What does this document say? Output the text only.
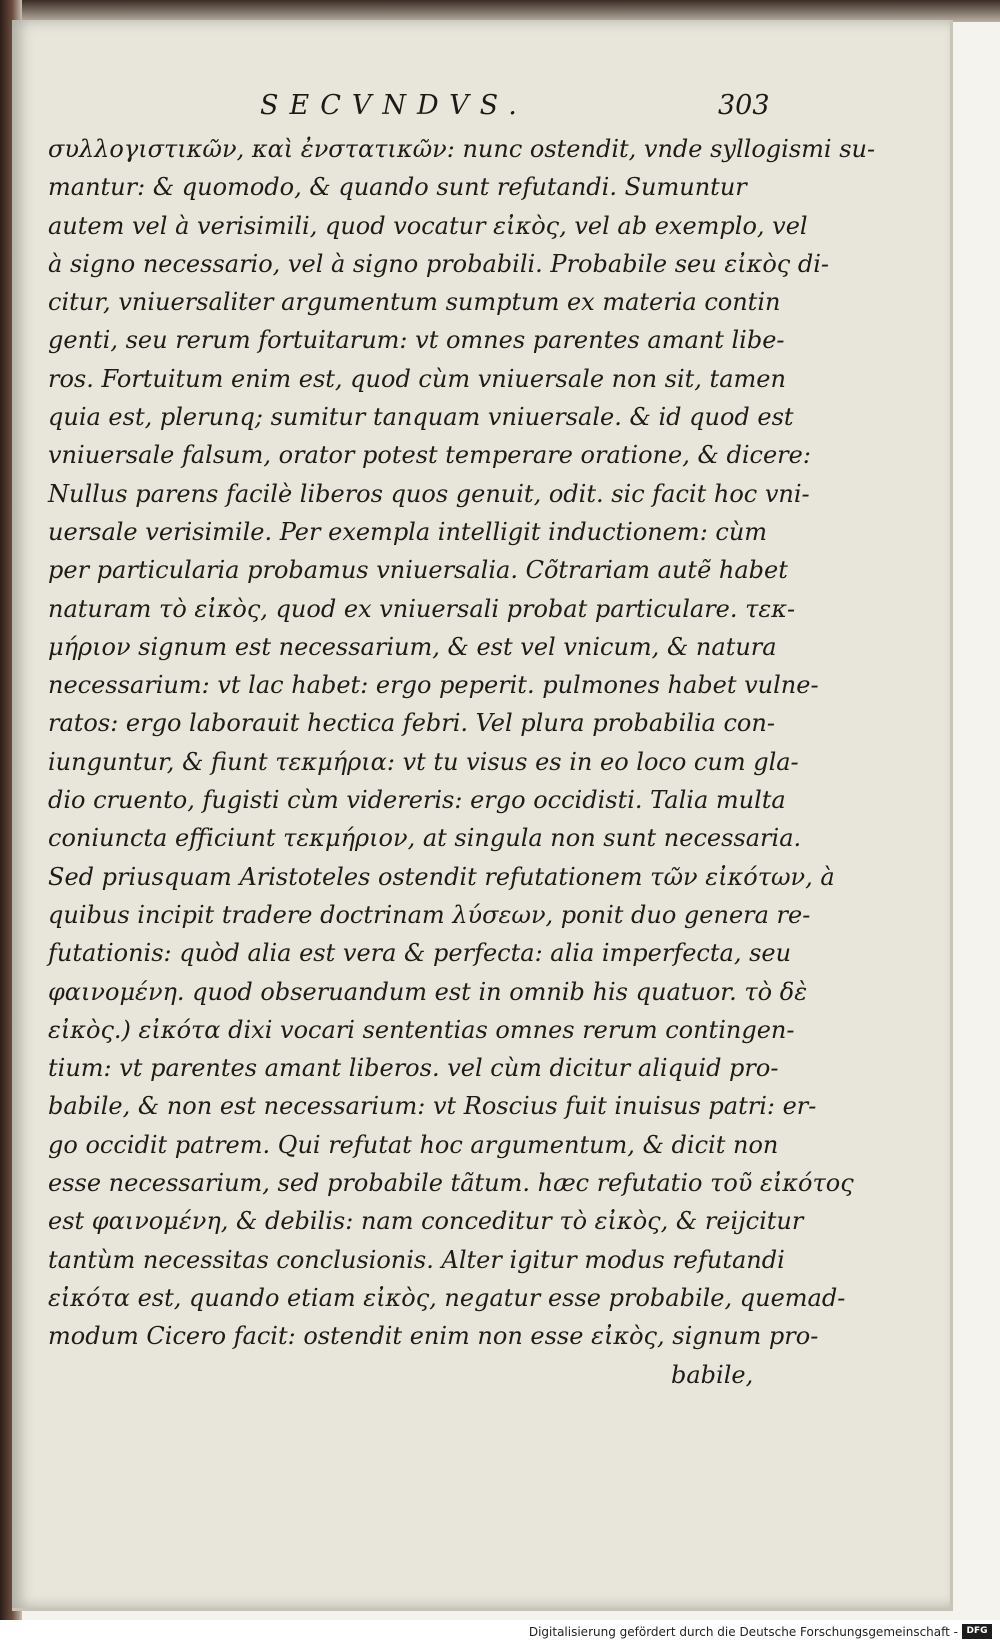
SECVNDVS.	303
συλλογιστικῶν, καὶ ἐνστατικῶν: nunc ostendit, vnde syllogismi su-
mantur: & quomodo, & quando sunt refutandi. Sumuntur
autem vel à verisimili, quod vocatur εἰκὸς, vel ab exemplo, vel
à signo necessario, vel à signo probabili. Probabile seu εἰκὸς di-
citur, vniuersaliter argumentum sumptum ex materia contin
genti, seu rerum fortuitarum: vt omnes parentes amant libe-
ros. Fortuitum enim est, quod cùm vniuersale non sit, tamen
quia est, plerunq; sumitur tanquam vniuersale. & id quod est
vniuersale falsum, orator potest temperare oratione, & dicere:
Nullus parens facilè liberos quos genuit, odit. sic facit hoc vni-
uersale verisimile. Per exempla intelligit inductionem: cùm
per particularia probamus vniuersalia. Cõtrariam autẽ habet
naturam τὸ εἰκὸς, quod ex vniuersali probat particulare. τεκ-
μήριον signum est necessarium, & est vel vnicum, & natura
necessarium: vt lac habet: ergo peperit. pulmones habet vulne-
ratos: ergo laborauit hectica febri. Vel plura probabilia con-
iunguntur, & fiunt τεκμήρια: vt tu visus es in eo loco cum gla-
dio cruento, fugisti cùm videreris: ergo occidisti. Talia multa
coniuncta efficiunt τεκμήριον, at singula non sunt necessaria.
Sed priusquam Aristoteles ostendit refutationem τῶν εἰκότων, à
quibus incipit tradere doctrinam λύσεων, ponit duo genera re-
futationis: quòd alia est vera & perfecta: alia imperfecta, seu
φαινομένη. quod obseruandum est in omnib his quatuor. τὸ δὲ
εἰκὸς.) εἰκότα dixi vocari sententias omnes rerum contingen-
tium: vt parentes amant liberos. vel cùm dicitur aliquid pro-
babile, & non est necessarium: vt Roscius fuit inuisus patri: er-
go occidit patrem. Qui refutat hoc argumentum, & dicit non
esse necessarium, sed probabile tãtum. hæc refutatio τοῦ εἰκότος
est φαινομένη, & debilis: nam conceditur τὸ εἰκὸς, & reijcitur
tantùm necessitas conclusionis. Alter igitur modus refutandi
εἰκότα est, quando etiam εἰκὸς, negatur esse probabile, quemad-
modum Cicero facit: ostendit enim non esse εἰκὸς, signum pro-
babile,
Digitalisierung gefördert durch die Deutsche Forschungsgemeinschaft - DFG
